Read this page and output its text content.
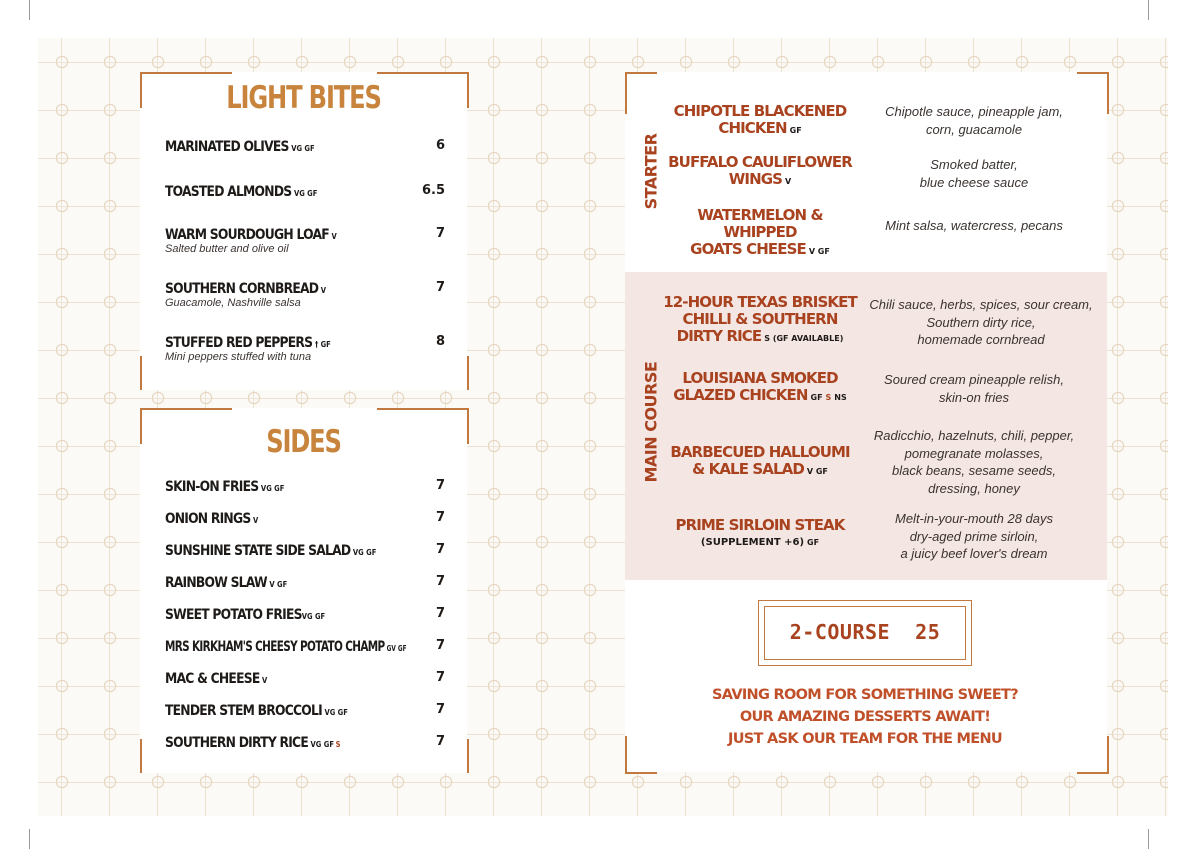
LIGHT BITES
MARINATED OLIVES VG GF	6
TOASTED ALMONDS VG GF	6.5
WARM SOURDOUGH LOAF V
Salted butter and olive oil
7
SOUTHERN CORNBREAD V
Guacamole, Nashville salsa
7
STUFFED RED PEPPERS † GF
Mini peppers stuffed with tuna
8
SIDES
SKIN-ON FRIES VG GF	7
ONION RINGS V	7
SUNSHINE STATE SIDE SALAD VG GF	7
RAINBOW SLAW V GF	7
SWEET POTATO FRIESVG GF	7
MRS KIRKHAM'S CHEESY POTATO CHAMP GV GF 7
MAC & CHEESE V	7
TENDER STEM BROCCOLI VG GF	7
SOUTHERN DIRTY RICE VG GF S	7
STARTER
MAIN COURSE
CHIPOTLE BLACKENED
CHICKEN GF
Chipotle sauce, pineapple jam,
corn, guacamole
BUFFALO CAULIFLOWER
WINGS V
Smoked batter,
blue cheese sauce
WATERMELON & WHIPPED
GOATS CHEESE V GF
Mint salsa, watercress, pecans
12-HOUR TEXAS BRISKET
CHILLI & SOUTHERN
DIRTY RICE S (GF AVAILABLE)
Chili sauce, herbs, spices, sour cream,
Southern dirty rice,
homemade cornbread
LOUISIANA SMOKED
GLAZED CHICKEN GF S NS
Soured cream pineapple relish,
skin-on fries
BARBECUED HALLOUMI
& KALE SALAD V GF
Radicchio, hazelnuts, chili, pepper,
pomegranate molasses,
black beans, sesame seeds,
dressing, honey
PRIME SIRLOIN STEAK
(SUPPLEMENT +6) GF
Melt-in-your-mouth 28 days
dry-aged prime sirloin,
a juicy beef lover's dream
2-COURSE 25
SAVING ROOM FOR SOMETHING SWEET?
OUR AMAZING DESSERTS AWAIT!
JUST ASK OUR TEAM FOR THE MENU
